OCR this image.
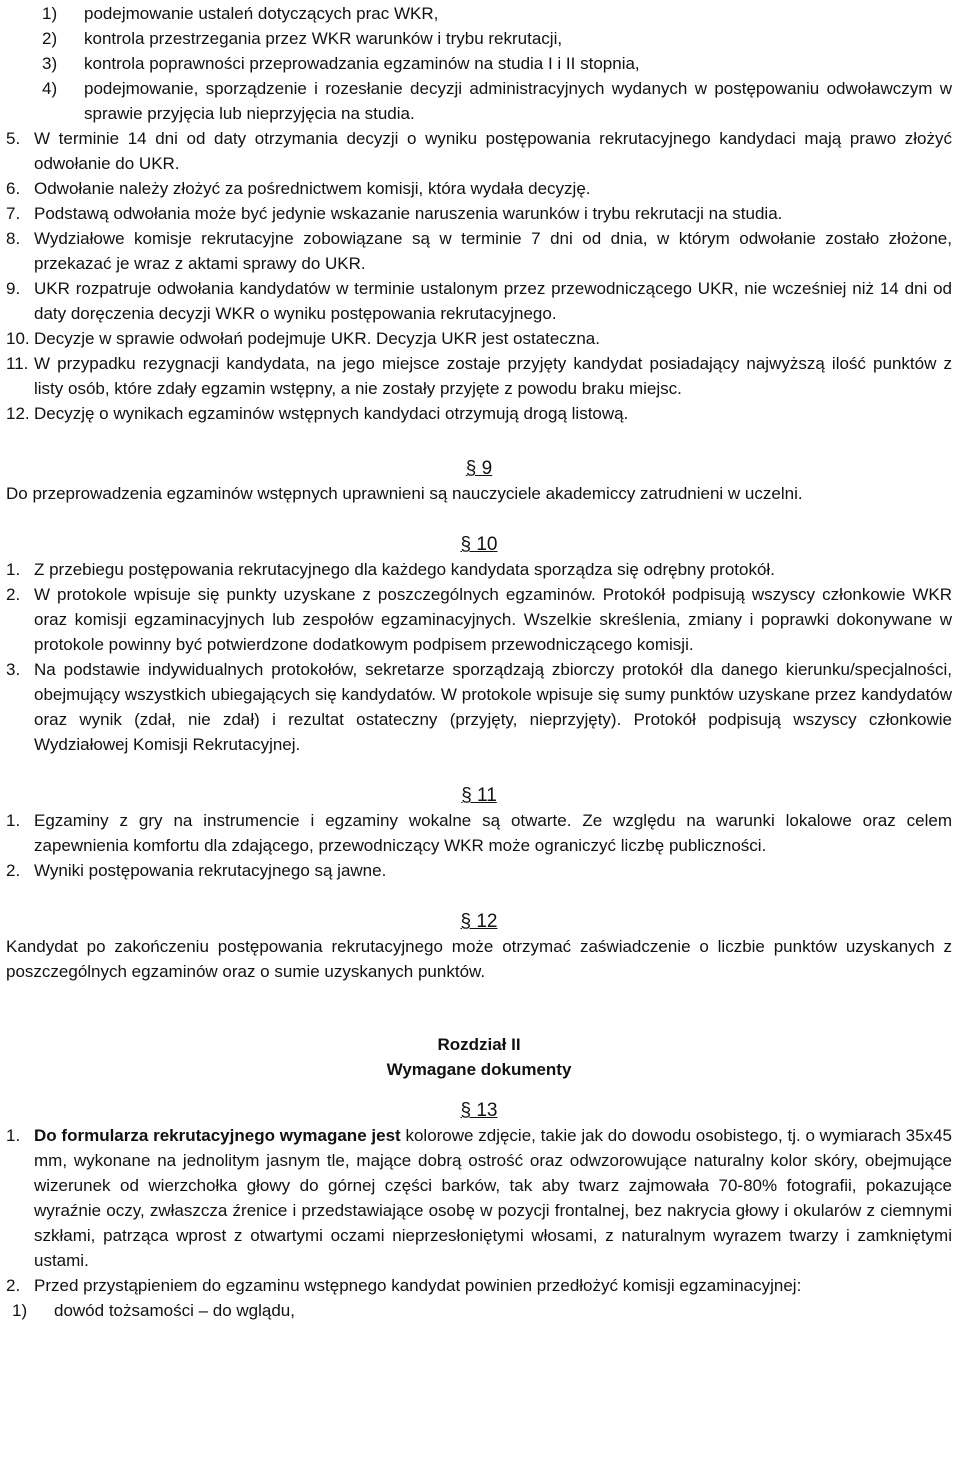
1)	podejmowanie ustaleń dotyczących prac WKR,
2)	kontrola przestrzegania przez WKR warunków i trybu rekrutacji,
3)	kontrola poprawności przeprowadzania egzaminów na studia I i II stopnia,
4)	podejmowanie, sporządzenie i rozesłanie decyzji administracyjnych wydanych w postępowaniu odwoławczym w sprawie przyjęcia lub nieprzyjęcia na studia.
5. W terminie 14 dni od daty otrzymania decyzji o wyniku postępowania rekrutacyjnego kandydaci mają prawo złożyć odwołanie do UKR.
6. Odwołanie należy złożyć za pośrednictwem komisji, która wydała decyzję.
7. Podstawą odwołania może być jedynie wskazanie naruszenia warunków i trybu rekrutacji na studia.
8. Wydziałowe komisje rekrutacyjne zobowiązane są w terminie 7 dni od dnia, w którym odwołanie zostało złożone, przekazać je wraz z aktami sprawy do UKR.
9. UKR rozpatruje odwołania kandydatów w terminie ustalonym przez przewodniczącego UKR, nie wcześniej niż 14 dni od daty doręczenia decyzji WKR o wyniku postępowania rekrutacyjnego.
10. Decyzje w sprawie odwołań podejmuje UKR. Decyzja UKR jest ostateczna.
11. W przypadku rezygnacji kandydata, na jego miejsce zostaje przyjęty kandydat posiadający najwyższą ilość punktów z listy osób, które zdały egzamin wstępny, a nie zostały przyjęte z powodu braku miejsc.
12. Decyzję o wynikach egzaminów wstępnych kandydaci otrzymują drogą listową.
§ 9
Do przeprowadzenia egzaminów wstępnych uprawnieni są nauczyciele akademiccy zatrudnieni w uczelni.
§ 10
1. Z przebiegu postępowania rekrutacyjnego dla każdego kandydata sporządza się odrębny protokół.
2. W protokole wpisuje się punkty uzyskane z poszczególnych egzaminów. Protokół podpisują wszyscy członkowie WKR oraz komisji egzaminacyjnych lub zespołów egzaminacyjnych. Wszelkie skreślenia, zmiany i poprawki dokonywane w protokole powinny być potwierdzone dodatkowym podpisem przewodniczącego komisji.
3. Na podstawie indywidualnych protokołów, sekretarze sporządzają zbiorczy protokół dla danego kierunku/specjalności, obejmujący wszystkich ubiegających się kandydatów. W protokole wpisuje się sumy punktów uzyskane przez kandydatów oraz wynik (zdał, nie zdał) i rezultat ostateczny (przyjęty, nieprzyjęty). Protokół podpisują wszyscy członkowie Wydziałowej Komisji Rekrutacyjnej.
§ 11
1. Egzaminy z gry na instrumencie i egzaminy wokalne są otwarte. Ze względu na warunki lokalowe oraz celem zapewnienia komfortu dla zdającego, przewodniczący WKR może ograniczyć liczbę publiczności.
2. Wyniki postępowania rekrutacyjnego są jawne.
§ 12
Kandydat po zakończeniu postępowania rekrutacyjnego może otrzymać zaświadczenie o liczbie punktów uzyskanych z poszczególnych egzaminów oraz o sumie uzyskanych punktów.
Rozdział II
Wymagane dokumenty
§ 13
1. Do formularza rekrutacyjnego wymagane jest kolorowe zdjęcie, takie jak do dowodu osobistego, tj. o wymiarach 35x45 mm, wykonane na jednolitym jasnym tle, mające dobrą ostrość oraz odwzorowujące naturalny kolor skóry, obejmujące wizerunek od wierzchołka głowy do górnej części barków, tak aby twarz zajmowała 70-80% fotografii, pokazujące wyraźnie oczy, zwłaszcza źrenice i przedstawiające osobę w pozycji frontalnej, bez nakrycia głowy i okularów z ciemnymi szkłami, patrząca wprost z otwartymi oczami nieprzesłoniętymi włosami, z naturalnym wyrazem twarzy i zamkniętymi ustami.
2. Przed przystąpieniem do egzaminu wstępnego kandydat powinien przedłożyć komisji egzaminacyjnej:
1)	dowód tożsamości – do wglądu,
